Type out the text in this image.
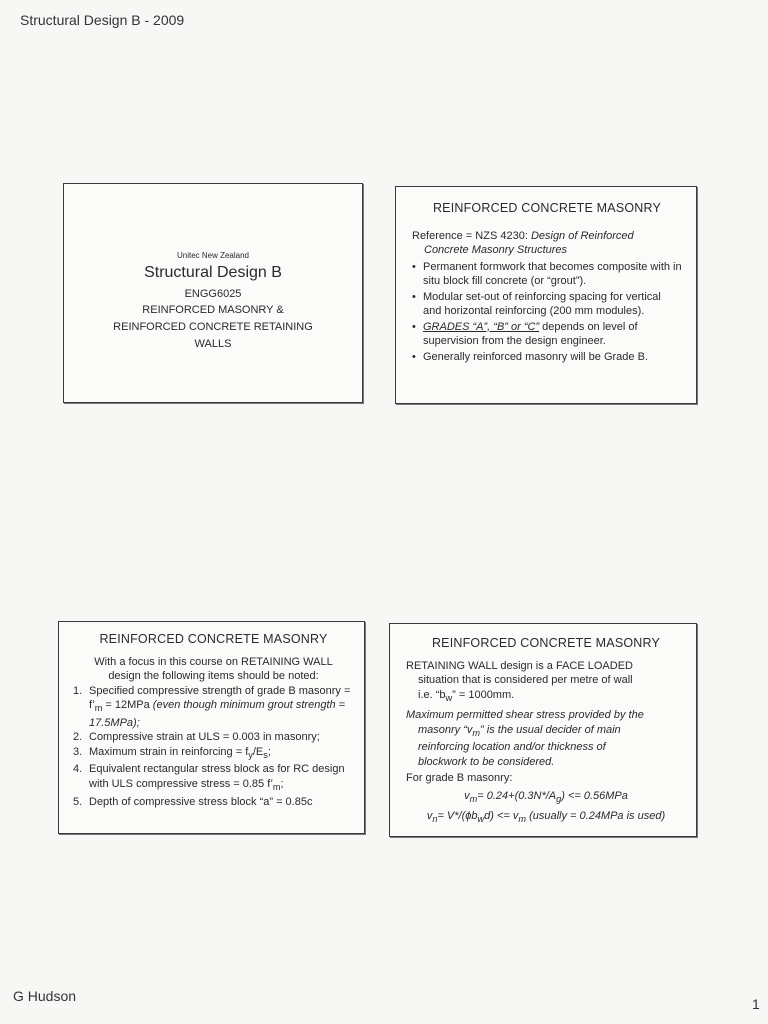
Structural Design B - 2009
Unitec New Zealand
Structural Design B
ENGG6025
REINFORCED MASONRY &
REINFORCED CONCRETE RETAINING
WALLS
REINFORCED CONCRETE MASONRY
Reference = NZS 4230: Design of Reinforced
Concrete Masonry Structures
• Permanent formwork that becomes composite with in situ block fill concrete (or “grout”).
• Modular set-out of reinforcing spacing for vertical and horizontal reinforcing (200 mm modules).
• GRADES “A”, “B” or “C” depends on level of supervision from the design engineer.
• Generally reinforced masonry will be Grade B.
REINFORCED CONCRETE MASONRY
With a focus in this course on RETAINING WALL
design the following items should be noted:
1. Specified compressive strength of grade B masonry = $f’_m = 12MPa$ (even though minimum grout strength = 17.5MPa);
2. Compressive strain at ULS = 0.003 in masonry;
3. Maximum strain in reinforcing = $f_y/E_s$;
4. Equivalent rectangular stress block as for RC design with ULS compressive stress = 0.85 $f’_m$;
5. Depth of compressive stress block “a” = 0.85c
REINFORCED CONCRETE MASONRY
RETAINING WALL design is a FACE LOADED
situation that is considered per metre of wall
i.e. “$b_w$” = 1000mm.
Maximum permitted shear stress provided by the
masonry “$v_m$” is the usual decider of main
reinforcing location and/or thickness of
blockwork to be considered.
For grade B masonry:
$v_m= 0.24+(0.3N*/A_g) <= 0.56MPa$
$v_n= V*/(\phi b_wd) <= v_m$ (usually = 0.24MPa is used)
G Hudson	1
